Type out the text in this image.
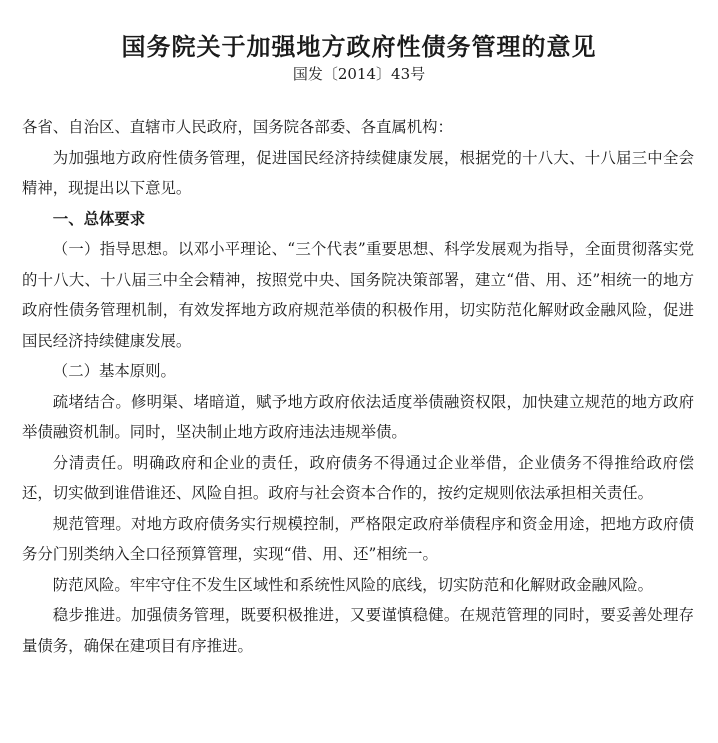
国务院关于加强地方政府性债务管理的意见
国发〔2014〕43号

各省、自治区、直辖市人民政府，国务院各部委、各直属机构：

为加强地方政府性债务管理，促进国民经济持续健康发展，根据党的十八大、十八届三中全会精神，现提出以下意见。

一、总体要求

（一）指导思想。以邓小平理论、“三个代表”重要思想、科学发展观为指导，全面贯彻落实党的十八大、十八届三中全会精神，按照党中央、国务院决策部署，建立“借、用、还”相统一的地方政府性债务管理机制，有效发挥地方政府规范举债的积极作用，切实防范化解财政金融风险，促进国民经济持续健康发展。

（二）基本原则。

疏堵结合。修明渠、堵暗道，赋予地方政府依法适度举债融资权限，加快建立规范的地方政府举债融资机制。同时，坚决制止地方政府违法违规举债。

分清责任。明确政府和企业的责任，政府债务不得通过企业举借，企业债务不得推给政府偿还，切实做到谁借谁还、风险自担。政府与社会资本合作的，按约定规则依法承担相关责任。

规范管理。对地方政府债务实行规模控制，严格限定政府举债程序和资金用途，把地方政府债务分门别类纳入全口径预算管理，实现“借、用、还”相统一。

防范风险。牢牢守住不发生区域性和系统性风险的底线，切实防范和化解财政金融风险。

稳步推进。加强债务管理，既要积极推进，又要谨慎稳健。在规范管理的同时，要妥善处理存量债务，确保在建项目有序推进。
